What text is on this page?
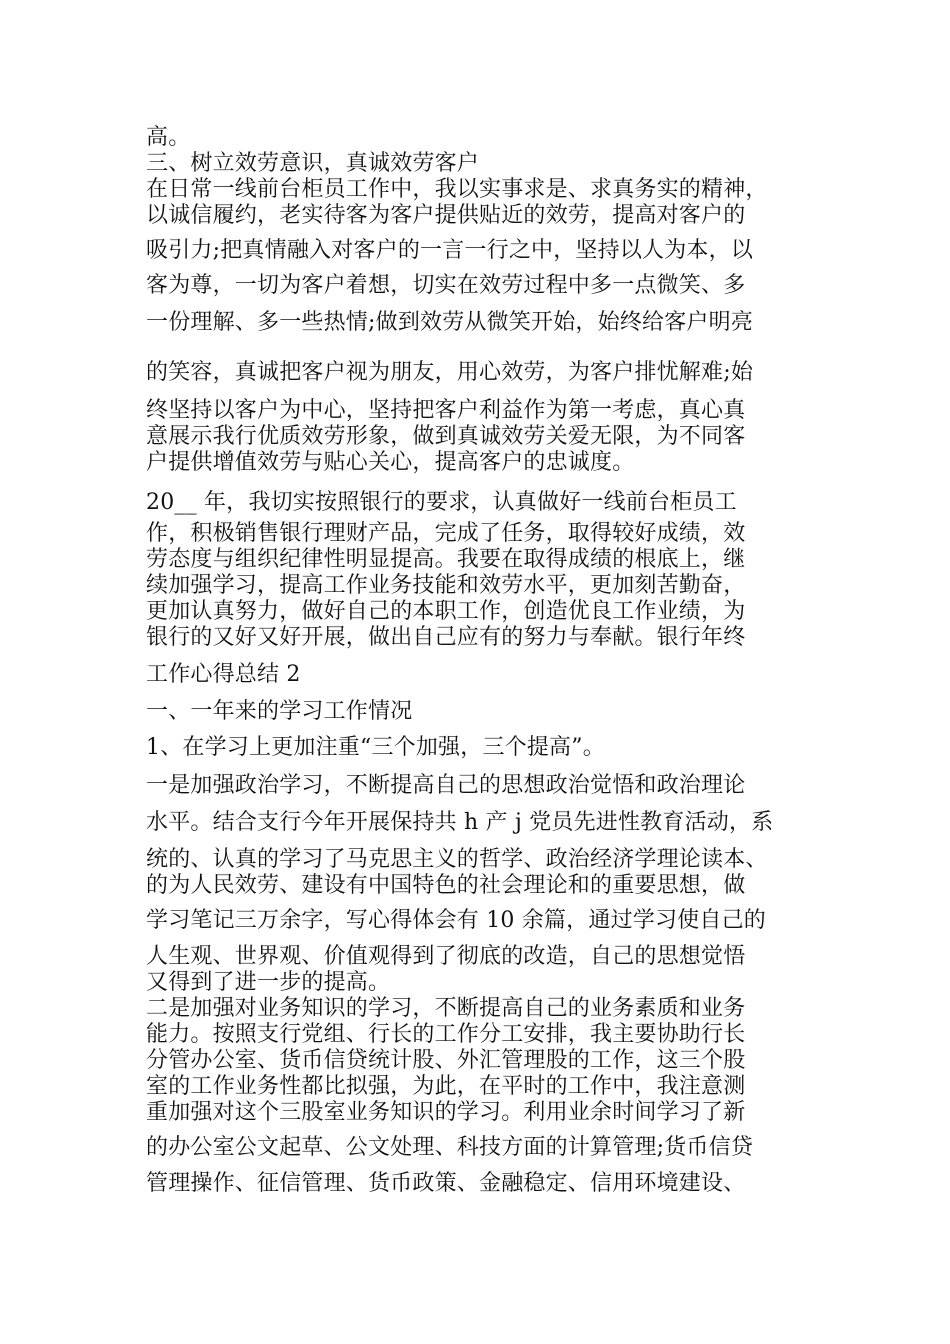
高。
三、树立效劳意识，真诚效劳客户
在日常一线前台柜员工作中，我以实事求是、求真务实的精神，
以诚信履约，老实待客为客户提供贴近的效劳，提高对客户的
吸引力;把真情融入对客户的一言一行之中，坚持以人为本，以
客为尊，一切为客户着想，切实在效劳过程中多一点微笑、多
一份理解、多一些热情;做到效劳从微笑开始，始终给客户明亮
的笑容，真诚把客户视为朋友，用心效劳，为客户排忧解难;始
终坚持以客户为中心，坚持把客户利益作为第一考虑，真心真
意展示我行优质效劳形象，做到真诚效劳关爱无限，为不同客
户提供增值效劳与贴心关心，提高客户的忠诚度。
20__ 年，我切实按照银行的要求，认真做好一线前台柜员工
作，积极销售银行理财产品，完成了任务，取得较好成绩，效
劳态度与组织纪律性明显提高。我要在取得成绩的根底上，继
续加强学习，提高工作业务技能和效劳水平，更加刻苦勤奋，
更加认真努力，做好自己的本职工作，创造优良工作业绩，为
银行的又好又好开展，做出自己应有的努力与奉献。银行年终
工作心得总结 2
一、一年来的学习工作情况
1、在学习上更加注重“三个加强，三个提高”。
一是加强政治学习，不断提高自己的思想政治觉悟和政治理论
水平。结合支行今年开展保持共 h 产 j 党员先进性教育活动，系
统的、认真的学习了马克思主义的哲学、政治经济学理论读本、
的为人民效劳、建设有中国特色的社会理论和的重要思想，做
学习笔记三万余字，写心得体会有 10 余篇，通过学习使自己的
人生观、世界观、价值观得到了彻底的改造，自己的思想觉悟
又得到了进一步的提高。
二是加强对业务知识的学习，不断提高自己的业务素质和业务
能力。按照支行党组、行长的工作分工安排，我主要协助行长
分管办公室、货币信贷统计股、外汇管理股的工作，这三个股
室的工作业务性都比拟强，为此，在平时的工作中，我注意测
重加强对这个三股室业务知识的学习。利用业余时间学习了新
的办公室公文起草、公文处理、科技方面的计算管理;货币信贷
管理操作、征信管理、货币政策、金融稳定、信用环境建设、
